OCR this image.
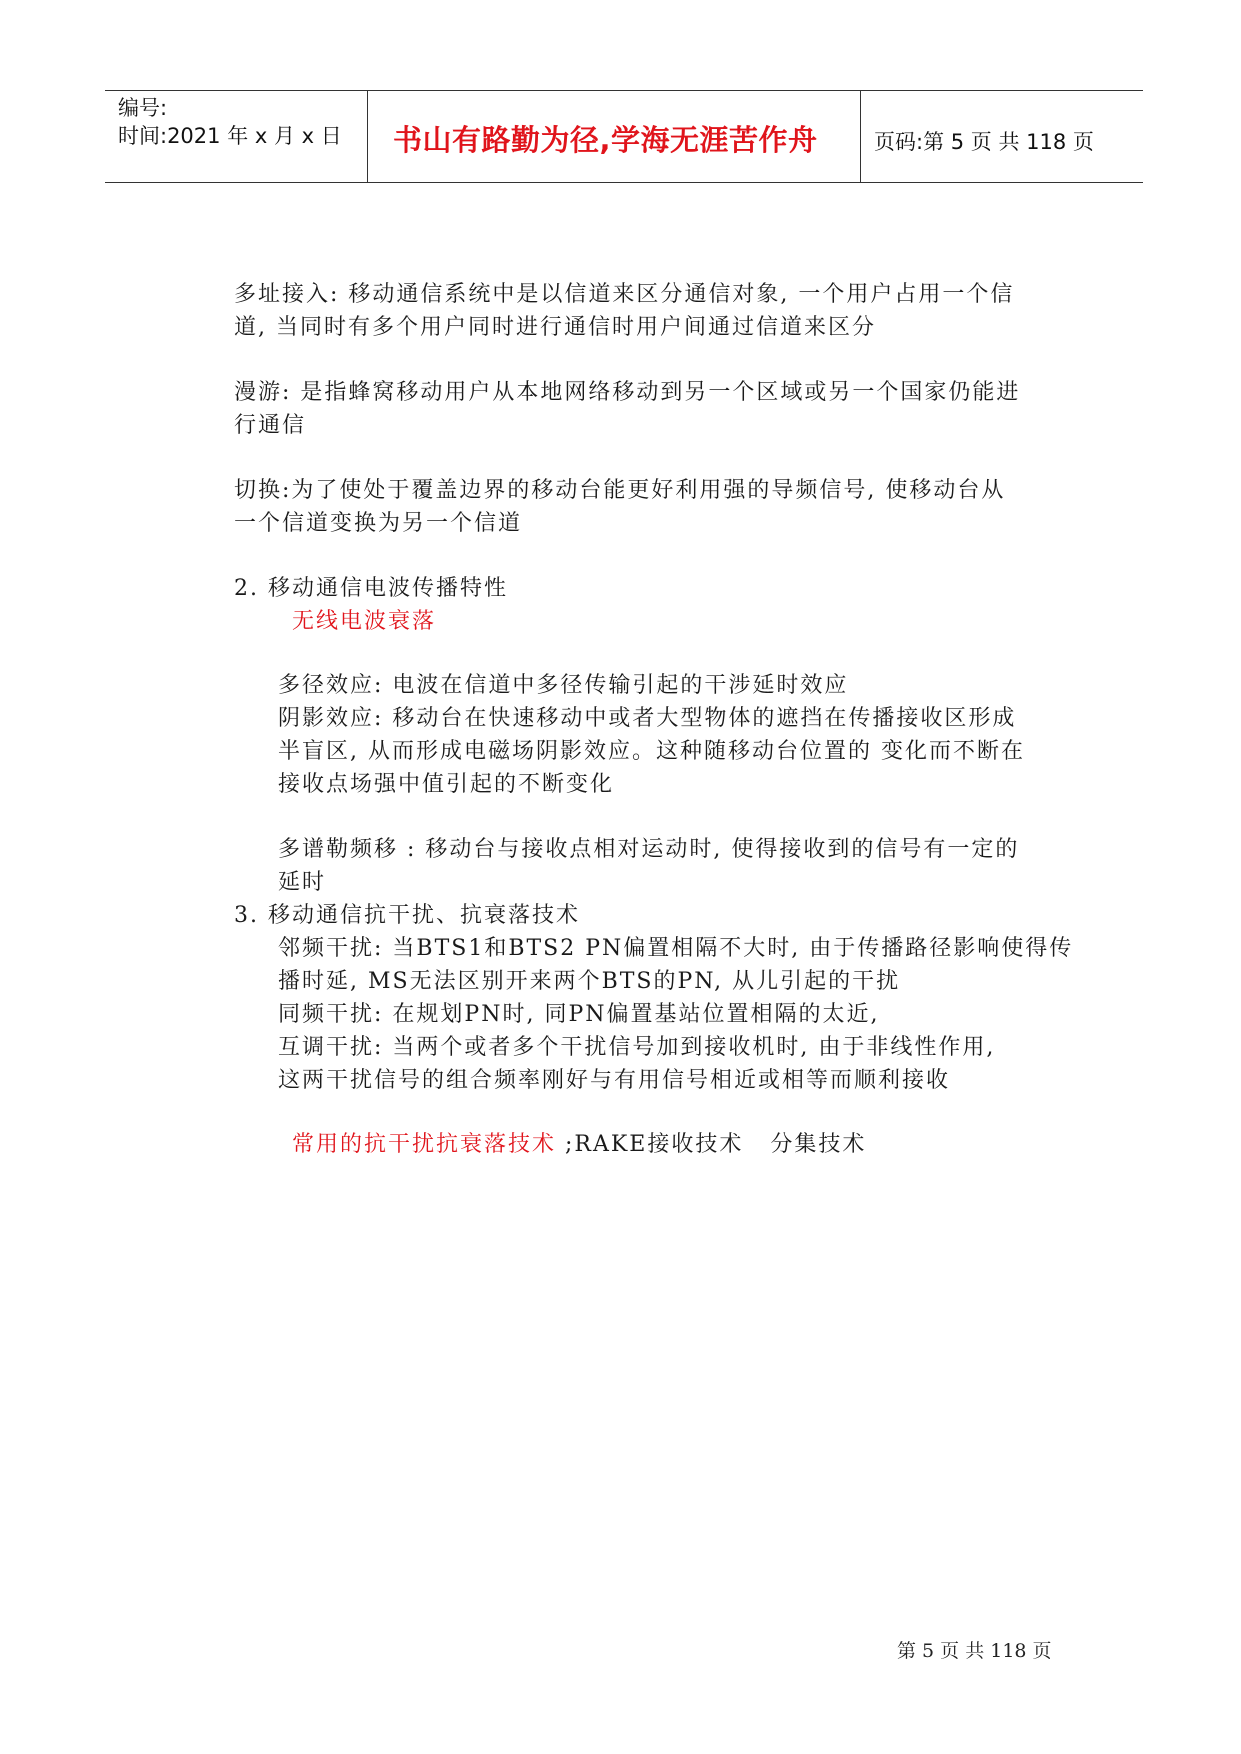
编号:
时间:2021 年 x 月 x 日 书山有路勤为径,学海无涯苦作舟	页码:第 5 页 共 118 页
多址接入: 移动通信系统中是以信道来区分通信对象, 一个用户占用一个信
道, 当同时有多个用户同时进行通信时用户间通过信道来区分
漫游: 是指蜂窝移动用户从本地网络移动到另一个区域或另一个国家仍能进
行通信
切换:为了使处于覆盖边界的移动台能更好利用强的导频信号, 使移动台从
一个信道变换为另一个信道
2. 移动通信电波传播特性
无线电波衰落
多径效应: 电波在信道中多径传输引起的干涉延时效应
阴影效应: 移动台在快速移动中或者大型物体的遮挡在传播接收区形成
半盲区, 从而形成电磁场阴影效应。这种随移动台位置的 变化而不断在
接收点场强中值引起的不断变化
多谱勒频移 : 移动台与接收点相对运动时, 使得接收到的信号有一定的
延时
3. 移动通信抗干扰、抗衰落技术
邻频干扰: 当BTS1和BTS2 PN偏置相隔不大时, 由于传播路径影响使得传
播时延, MS无法区别开来两个BTS的PN, 从儿引起的干扰
同频干扰: 在规划PN时, 同PN偏置基站位置相隔的太近,
互调干扰: 当两个或者多个干扰信号加到接收机时, 由于非线性作用,
这两干扰信号的组合频率刚好与有用信号相近或相等而顺利接收
常用的抗干扰抗衰落技术 ;RAKE接收技术   分集技术
第 5 页 共 118 页
